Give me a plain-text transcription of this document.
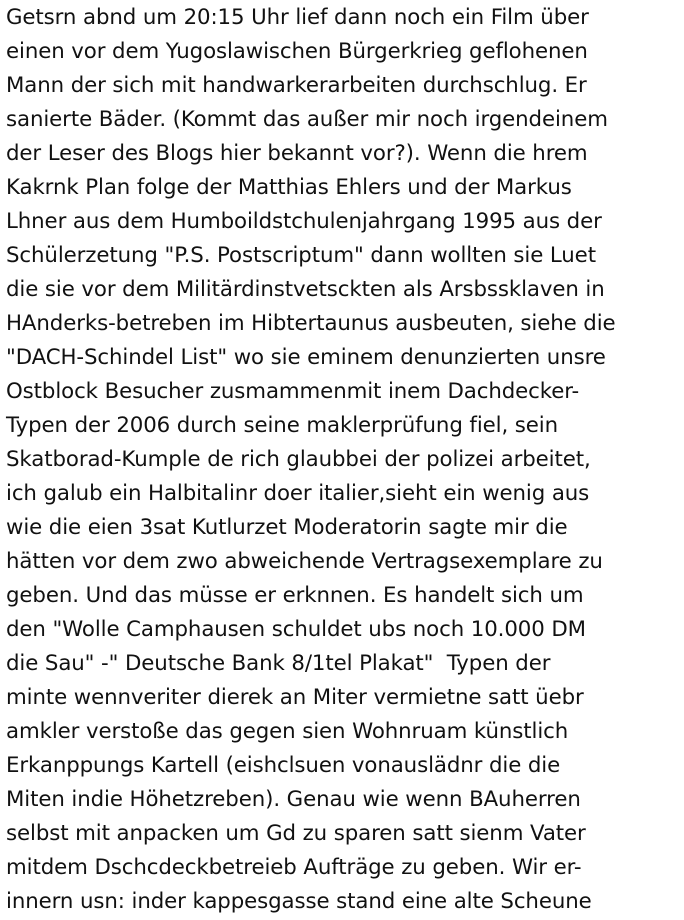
Getsrn abnd um 20:15 Uhr lief dann noch ein Film über
einen vor dem Yugoslawischen Bürgerkrieg geflohenen
Mann der sich mit handwarkerarbeiten durchschlug. Er
sanierte Bäder. (Kommt das außer mir noch irgendeinem
der Leser des Blogs hier bekannt vor?). Wenn die hrem
Kakrnk Plan folge der Matthias Ehlers und der Markus
Lhner aus dem Humboildstchulenjahrgang 1995 aus der
Schülerzetung "P.S. Postscriptum" dann wollten sie Luet
die sie vor dem Militärdinstvetsckten als Arsbssklaven in
HAnderks-betreben im Hibtertaunus ausbeuten, siehe die
"DACH-Schindel List" wo sie eminem denunzierten unsre
Ostblock Besucher zusmammenmit inem Dachdecker-
Typen der 2006 durch seine maklerprüfung fiel, sein
Skatborad-Kumple de rich glaubbei der polizei arbeitet,
ich galub ein Halbitalinr doer italier,sieht ein wenig aus
wie die eien 3sat Kutlurzet Moderatorin sagte mir die
hätten vor dem zwo abweichende Vertragsexemplare zu
geben. Und das müsse er erknnen. Es handelt sich um
den "Wolle Camphausen schuldet ubs noch 10.000 DM
die Sau" -" Deutsche Bank 8/1tel Plakat"  Typen der
minte wennveriter dierek an Miter vermietne satt üebr
amkler verstoße das gegen sien Wohnruam künstlich
Erkanppungs Kartell (eishclsuen vonauslädnr die die
Miten indie Höhetzreben). Genau wie wenn BAuherren
selbst mit anpacken um Gd zu sparen satt sienm Vater
mitdem Dschcdeckbetreieb Aufträge zu geben. Wir er-
innern usn: inder kappesgasse stand eine alte Scheune
